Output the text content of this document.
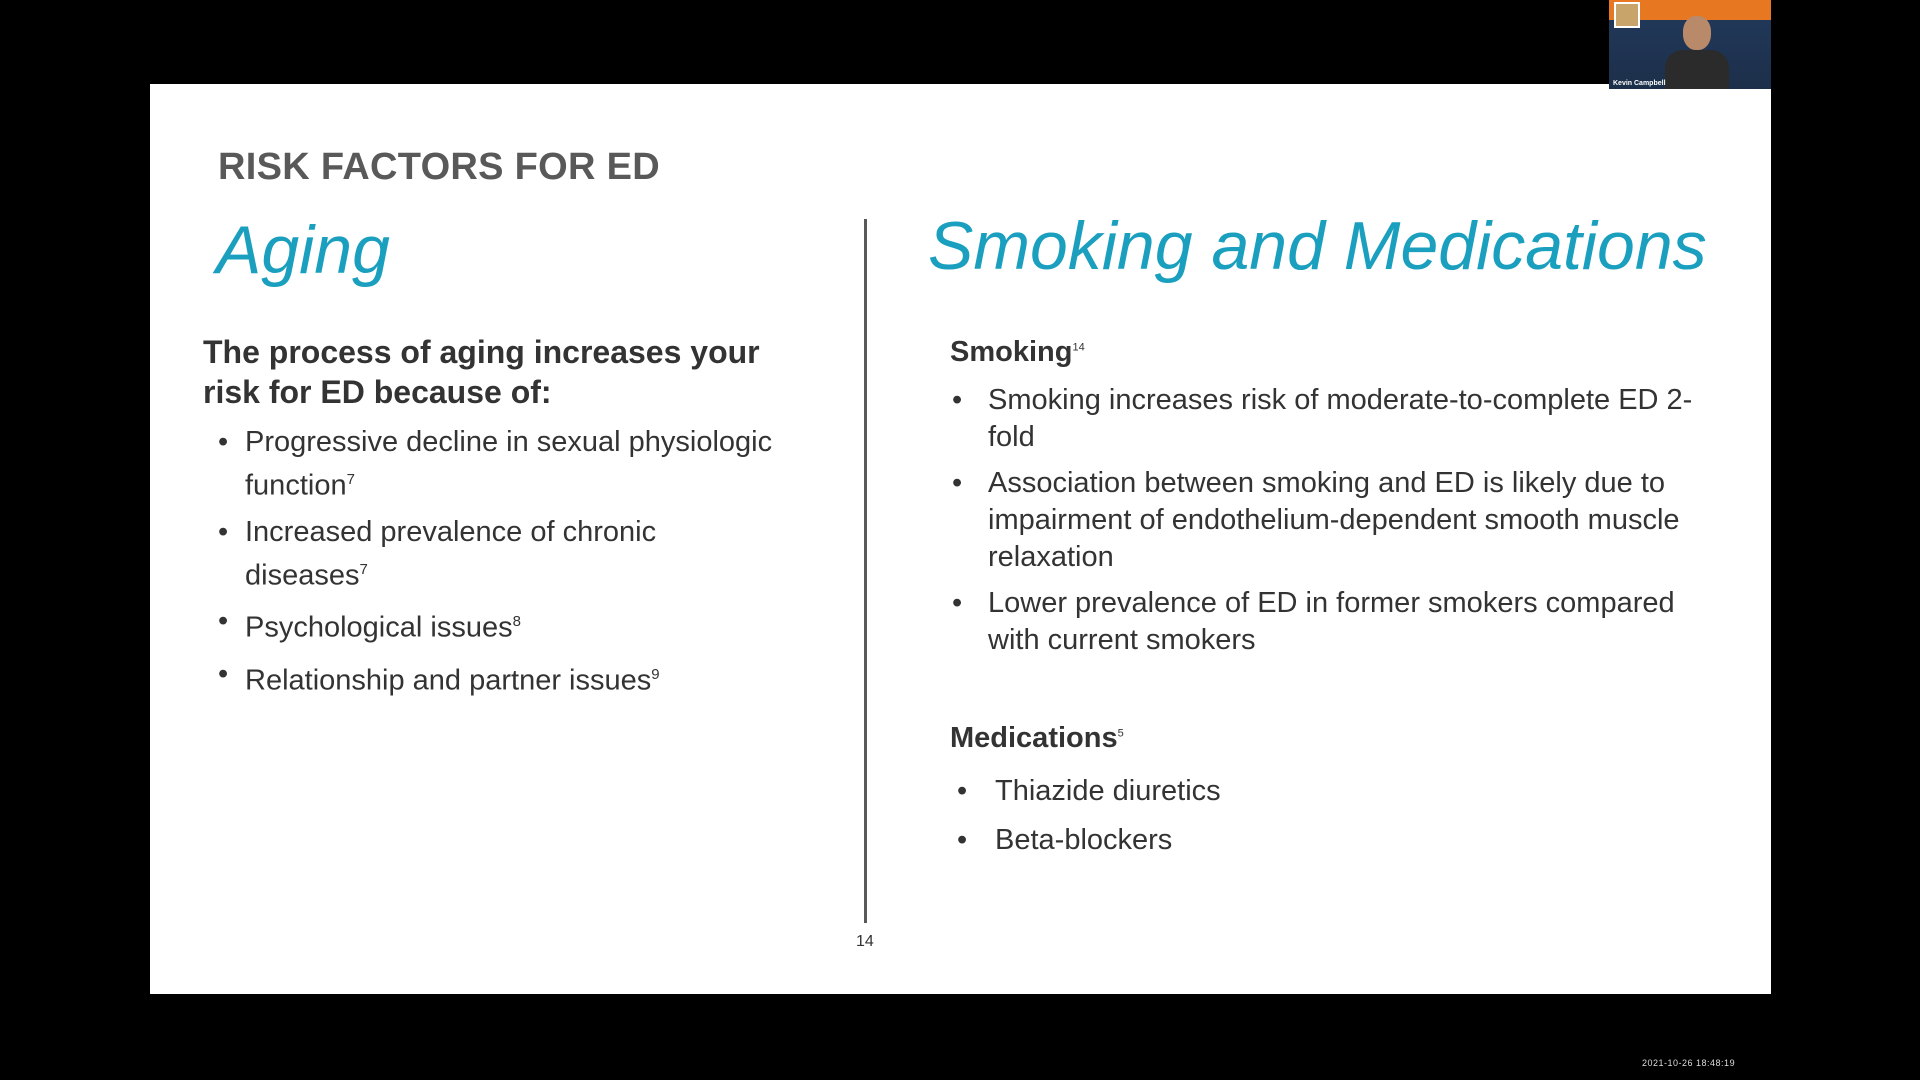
RISK FACTORS FOR ED
Aging	Smoking and Medications
The process of aging increases your risk for ED because of:
• Progressive decline in sexual physiologic function$^7$
• Increased prevalence of chronic diseases$^7$
• Psychological issues$^8$
• Relationship and partner issues$^9$
Smoking$^{14}$
• Smoking increases risk of moderate-to-complete ED 2-fold
• Association between smoking and ED is likely due to impairment of endothelium-dependent smooth muscle relaxation
• Lower prevalence of ED in former smokers compared with current smokers
Medications$^5$
• Thiazide diuretics
• Beta-blockers
14
Kevin Campbell
2021-10-26 18:48:19
